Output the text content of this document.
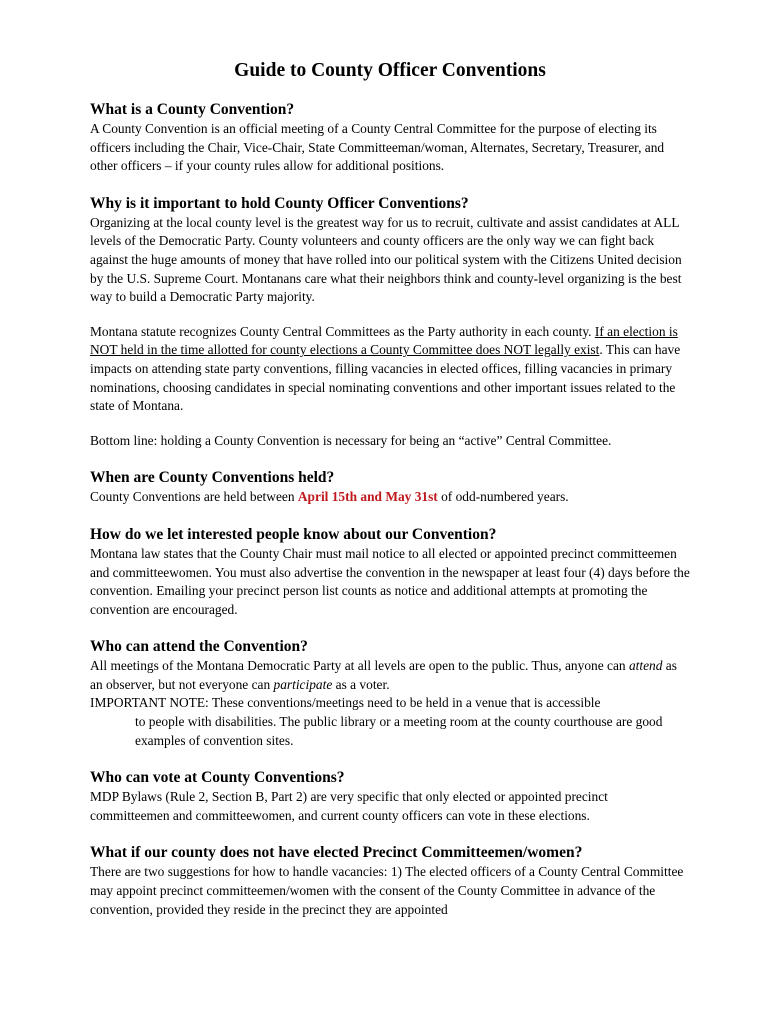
Guide to County Officer Conventions
What is a County Convention?

A County Convention is an official meeting of a County Central Committee for the purpose of electing its officers including the Chair, Vice-Chair, State Committeeman/woman, Alternates, Secretary, Treasurer, and other officers – if your county rules allow for additional positions.

Why is it important to hold County Officer Conventions?

Organizing at the local county level is the greatest way for us to recruit, cultivate and assist candidates at ALL levels of the Democratic Party. County volunteers and county officers are the only way we can fight back against the huge amounts of money that have rolled into our political system with the Citizens United decision by the U.S. Supreme Court. Montanans care what their neighbors think and county-level organizing is the best way to build a Democratic Party majority.

Montana statute recognizes County Central Committees as the Party authority in each county. If an election is NOT held in the time allotted for county elections a County Committee does NOT legally exist. This can have impacts on attending state party conventions, filling vacancies in elected offices, filling vacancies in primary nominations, choosing candidates in special nominating conventions and other important issues related to the state of Montana.

Bottom line: holding a County Convention is necessary for being an “active” Central Committee.

When are County Conventions held?

County Conventions are held between April 15th and May 31st of odd-numbered years.

How do we let interested people know about our Convention?

Montana law states that the County Chair must mail notice to all elected or appointed precinct committeemen and committeewomen. You must also advertise the convention in the newspaper at least four (4) days before the convention. Emailing your precinct person list counts as notice and additional attempts at promoting the convention are encouraged.

Who can attend the Convention?

All meetings of the Montana Democratic Party at all levels are open to the public. Thus, anyone can attend as an observer, but not everyone can participate as a voter.

IMPORTANT NOTE: These conventions/meetings need to be held in a venue that is accessible

to people with disabilities. The public library or a meeting room at the county courthouse are good examples of convention sites.

Who can vote at County Conventions?

MDP Bylaws (Rule 2, Section B, Part 2) are very specific that only elected or appointed precinct committeemen and committeewomen, and current county officers can vote in these elections.

What if our county does not have elected Precinct Committeemen/women?

There are two suggestions for how to handle vacancies: 1) The elected officers of a County Central Committee may appoint precinct committeemen/women with the consent of the County Committee in advance of the convention, provided they reside in the precinct they are appointed
